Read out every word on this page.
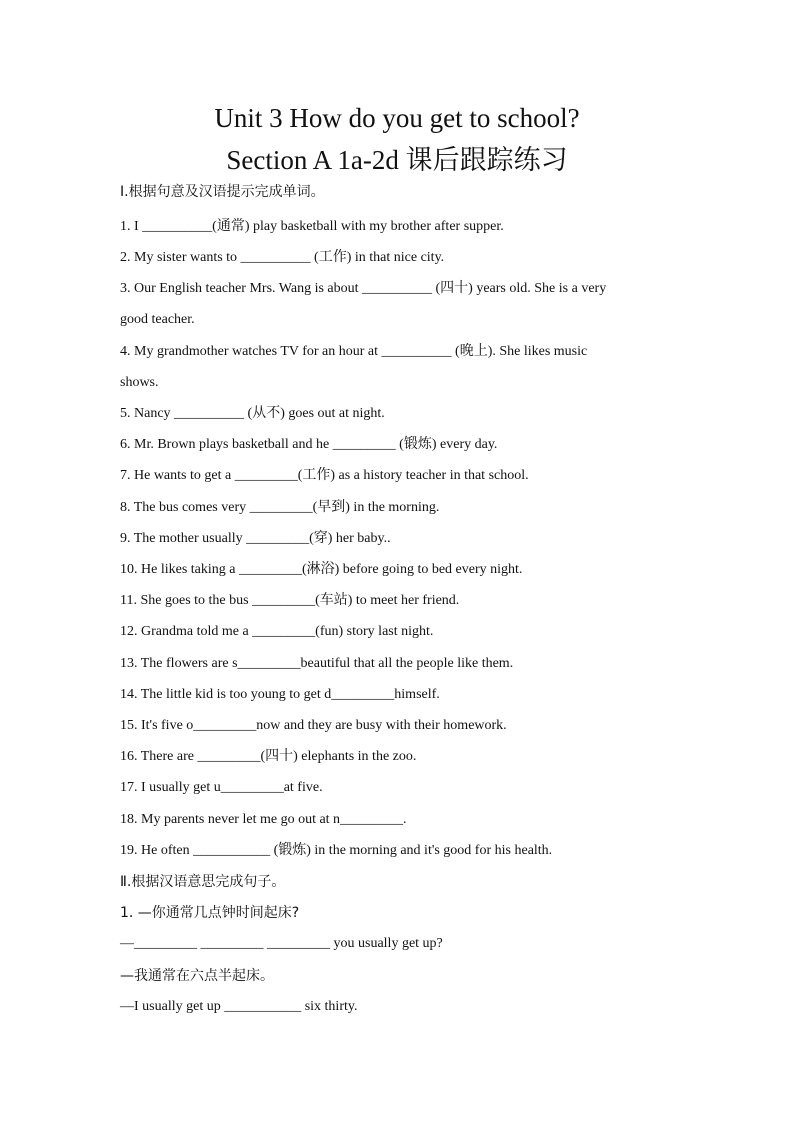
Unit 3 How do you get to school?
Section A 1a-2d 课后跟踪练习
Ⅰ.根据句意及汉语提示完成单词。
1. I __________(通常) play basketball with my brother after supper.
2. My sister wants to __________ (工作) in that nice city.
3. Our English teacher Mrs. Wang is about __________ (四十) years old. She is a very
good teacher.
4. My grandmother watches TV for an hour at __________ (晚上). She likes music
shows.
5. Nancy __________ (从不) goes out at night.
6. Mr. Brown plays basketball and he _________ (锻炼) every day.
7. He wants to get a _________(工作) as a history teacher in that school.
8. The bus comes very _________(早到) in the morning.
9. The mother usually _________(穿) her baby..
10. He likes taking a _________(淋浴) before going to bed every night.
11. She goes to the bus _________(车站) to meet her friend.
12. Grandma told me a _________(fun) story last night.
13. The flowers are s_________beautiful that all the people like them.
14. The little kid is too young to get d_________himself.
15. It's five o_________now and they are busy with their homework.
16. There are _________(四十) elephants in the zoo.
17. I usually get u_________at five.
18. My parents never let me go out at n_________.
19. He often ___________ (锻炼) in the morning and it's good for his health.
Ⅱ.根据汉语意思完成句子。
1. —你通常几点钟时间起床?
—_________ _________ _________ you usually get up?
—我通常在六点半起床。
—I usually get up ___________ six thirty.
